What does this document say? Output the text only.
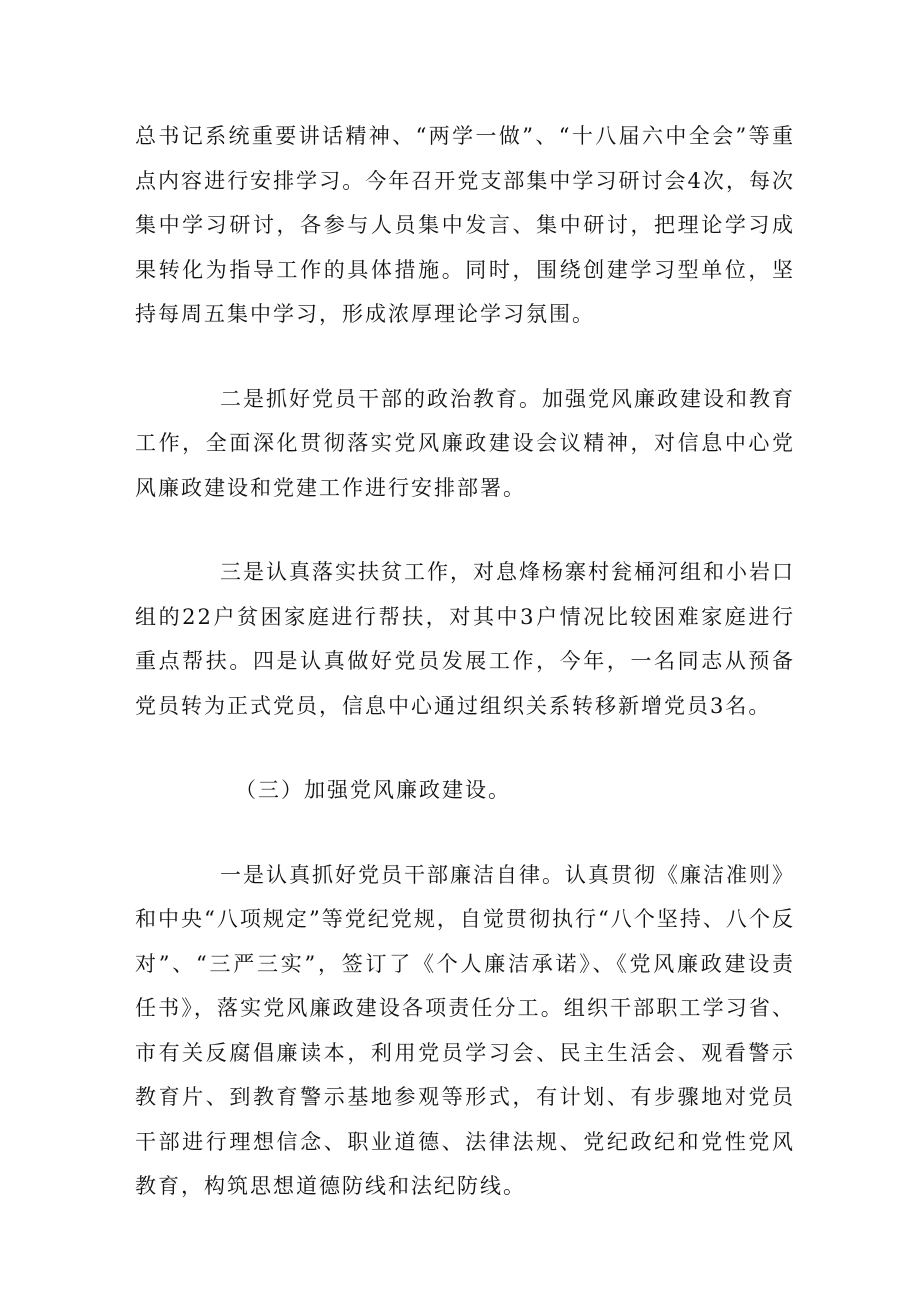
总书记系统重要讲话精神、“两学一做”、“十八届六中全会”等重点内容进行安排学习。今年召开党支部集中学习研讨会4次，每次集中学习研讨，各参与人员集中发言、集中研讨，把理论学习成果转化为指导工作的具体措施。同时，围绕创建学习型单位，坚持每周五集中学习，形成浓厚理论学习氛围。

二是抓好党员干部的政治教育。加强党风廉政建设和教育工作，全面深化贯彻落实党风廉政建设会议精神，对信息中心党风廉政建设和党建工作进行安排部署。

三是认真落实扶贫工作，对息烽杨寨村瓮桶河组和小岩口组的22户贫困家庭进行帮扶，对其中3户情况比较困难家庭进行重点帮扶。四是认真做好党员发展工作，今年，一名同志从预备党员转为正式党员，信息中心通过组织关系转移新增党员3名。

（三）加强党风廉政建设。

一是认真抓好党员干部廉洁自律。认真贯彻《廉洁准则》和中央“八项规定”等党纪党规，自觉贯彻执行“八个坚持、八个反对”、“三严三实”，签订了《个人廉洁承诺》、《党风廉政建设责任书》，落实党风廉政建设各项责任分工。组织干部职工学习省、市有关反腐倡廉读本，利用党员学习会、民主生活会、观看警示教育片、到教育警示基地参观等形式，有计划、有步骤地对党员干部进行理想信念、职业道德、法律法规、党纪政纪和党性党风教育，构筑思想道德防线和法纪防线。
